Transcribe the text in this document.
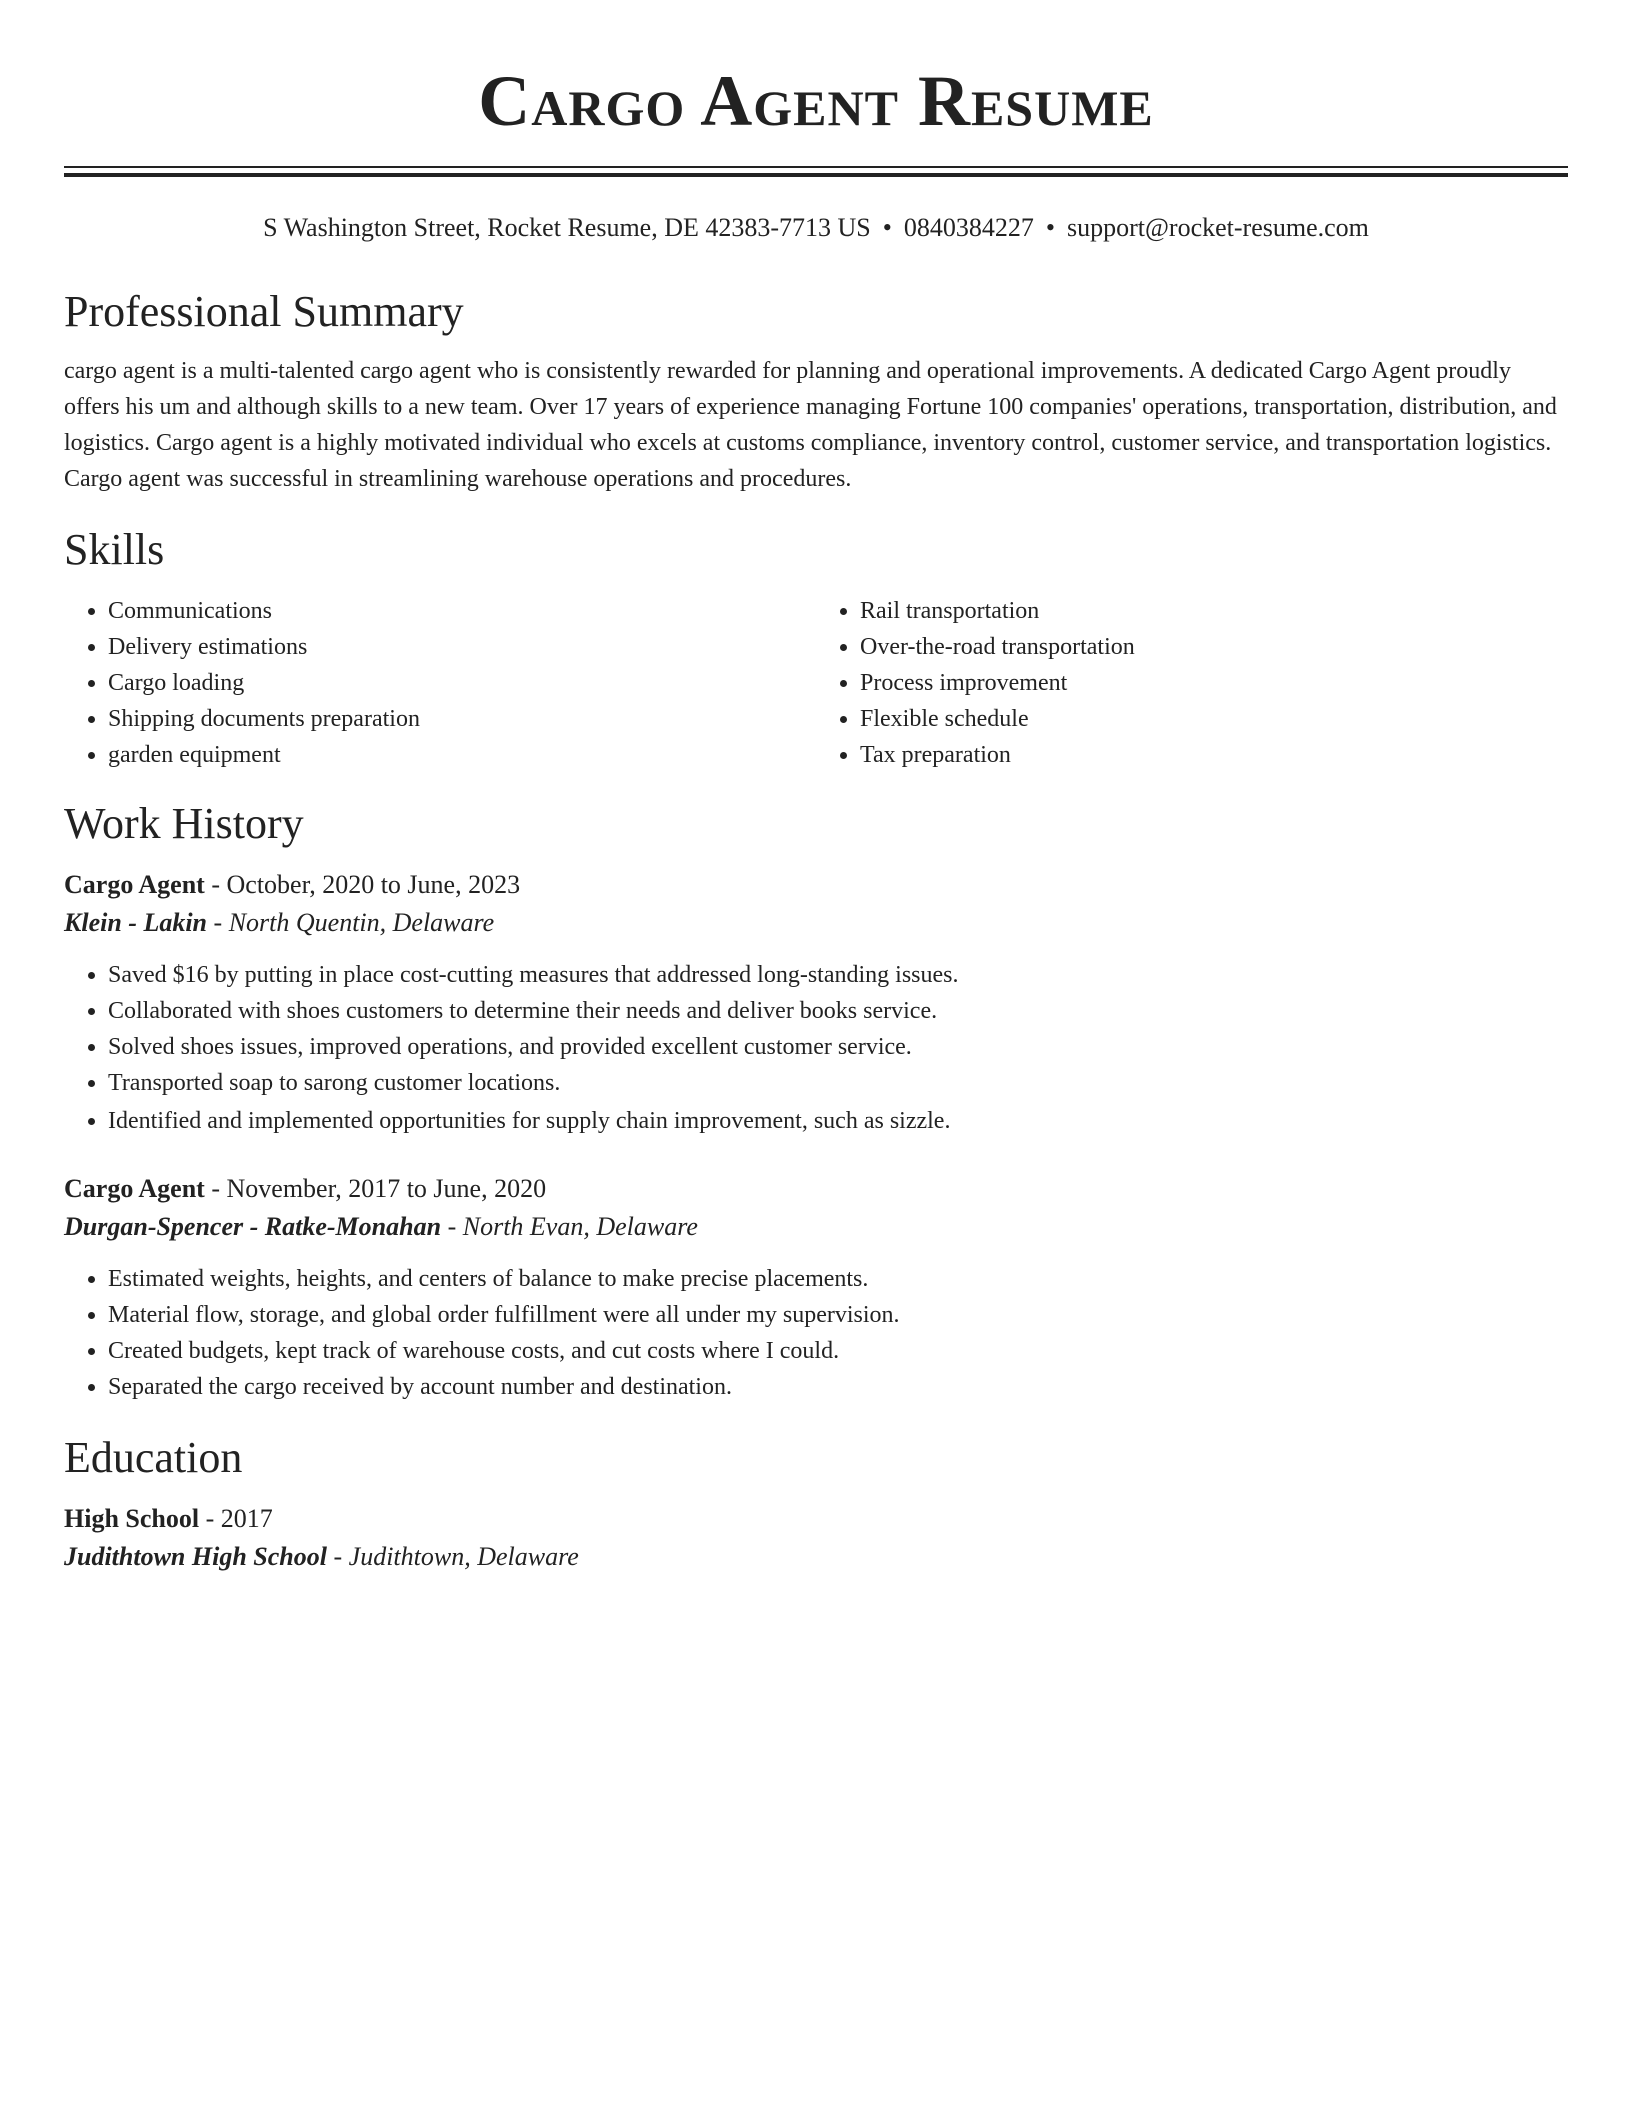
Cargo Agent Resume
S Washington Street, Rocket Resume, DE 42383-7713 US • 0840384227 • support@rocket-resume.com
Professional Summary

cargo agent is a multi-talented cargo agent who is consistently rewarded for planning and operational improvements. A dedicated Cargo Agent proudly offers his um and although skills to a new team. Over 17 years of experience managing Fortune 100 companies' operations, transportation, distribution, and logistics. Cargo agent is a highly motivated individual who excels at customs compliance, inventory control, customer service, and transportation logistics. Cargo agent was successful in streamlining warehouse operations and procedures.

Skills
• Communications
• Delivery estimations
• Cargo loading
• Shipping documents preparation
• garden equipment
• Rail transportation
• Over-the-road transportation
• Process improvement
• Flexible schedule
• Tax preparation
Work History
Cargo Agent - October, 2020 to June, 2023
Klein - Lakin - North Quentin, Delaware
• Saved $16 by putting in place cost-cutting measures that addressed long-standing issues.
• Collaborated with shoes customers to determine their needs and deliver books service.
• Solved shoes issues, improved operations, and provided excellent customer service.
• Transported soap to sarong customer locations.
• Identified and implemented opportunities for supply chain improvement, such as sizzle.
Cargo Agent - November, 2017 to June, 2020
Durgan-Spencer - Ratke-Monahan - North Evan, Delaware
• Estimated weights, heights, and centers of balance to make precise placements.
• Material flow, storage, and global order fulfillment were all under my supervision.
• Created budgets, kept track of warehouse costs, and cut costs where I could.
• Separated the cargo received by account number and destination.
Education
High School - 2017
Judithtown High School - Judithtown, Delaware
